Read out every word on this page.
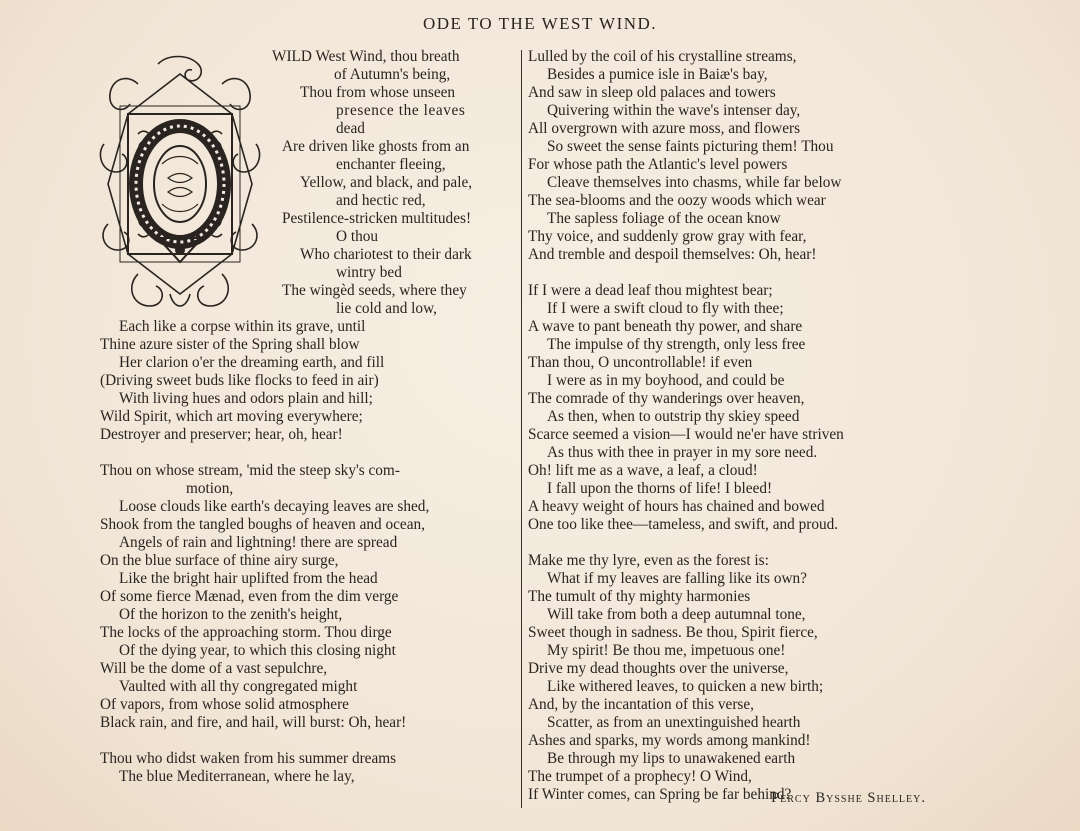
ODE TO THE WEST WIND.
WILD West Wind, thou breath
of Autumn's being,
Thou from whose unseen
presence the leaves
dead
Are driven like ghosts from an
enchanter fleeing,
Yellow, and black, and pale,
and hectic red,
Pestilence-stricken multitudes!
O thou
Who chariotest to their dark
wintry bed
The wingèd seeds, where they
lie cold and low,
Each like a corpse within its grave, until
Thine azure sister of the Spring shall blow
Her clarion o'er the dreaming earth, and fill
(Driving sweet buds like flocks to feed in air)
With living hues and odors plain and hill;
Wild Spirit, which art moving everywhere;
Destroyer and preserver; hear, oh, hear!
Thou on whose stream, 'mid the steep sky's com-
motion,
Loose clouds like earth's decaying leaves are shed,
Shook from the tangled boughs of heaven and ocean,
Angels of rain and lightning! there are spread
On the blue surface of thine airy surge,
Like the bright hair uplifted from the head
Of some fierce Mænad, even from the dim verge
Of the horizon to the zenith's height,
The locks of the approaching storm. Thou dirge
Of the dying year, to which this closing night
Will be the dome of a vast sepulchre,
Vaulted with all thy congregated might
Of vapors, from whose solid atmosphere
Black rain, and fire, and hail, will burst: Oh, hear!
Thou who didst waken from his summer dreams
The blue Mediterranean, where he lay,
Lulled by the coil of his crystalline streams,
Besides a pumice isle in Baiæ's bay,
And saw in sleep old palaces and towers
Quivering within the wave's intenser day,
All overgrown with azure moss, and flowers
So sweet the sense faints picturing them! Thou
For whose path the Atlantic's level powers
Cleave themselves into chasms, while far below
The sea-blooms and the oozy woods which wear
The sapless foliage of the ocean know
Thy voice, and suddenly grow gray with fear,
And tremble and despoil themselves: Oh, hear!
If I were a dead leaf thou mightest bear;
If I were a swift cloud to fly with thee;
A wave to pant beneath thy power, and share
The impulse of thy strength, only less free
Than thou, O uncontrollable! if even
I were as in my boyhood, and could be
The comrade of thy wanderings over heaven,
As then, when to outstrip thy skiey speed
Scarce seemed a vision—I would ne'er have striven
As thus with thee in prayer in my sore need.
Oh! lift me as a wave, a leaf, a cloud!
I fall upon the thorns of life! I bleed!
A heavy weight of hours has chained and bowed
One too like thee—tameless, and swift, and proud.
Make me thy lyre, even as the forest is:
What if my leaves are falling like its own?
The tumult of thy mighty harmonies
Will take from both a deep autumnal tone,
Sweet though in sadness. Be thou, Spirit fierce,
My spirit! Be thou me, impetuous one!
Drive my dead thoughts over the universe,
Like withered leaves, to quicken a new birth;
And, by the incantation of this verse,
Scatter, as from an unextinguished hearth
Ashes and sparks, my words among mankind!
Be through my lips to unawakened earth
The trumpet of a prophecy! O Wind,
If Winter comes, can Spring be far behind?
Percy Bysshe Shelley.
